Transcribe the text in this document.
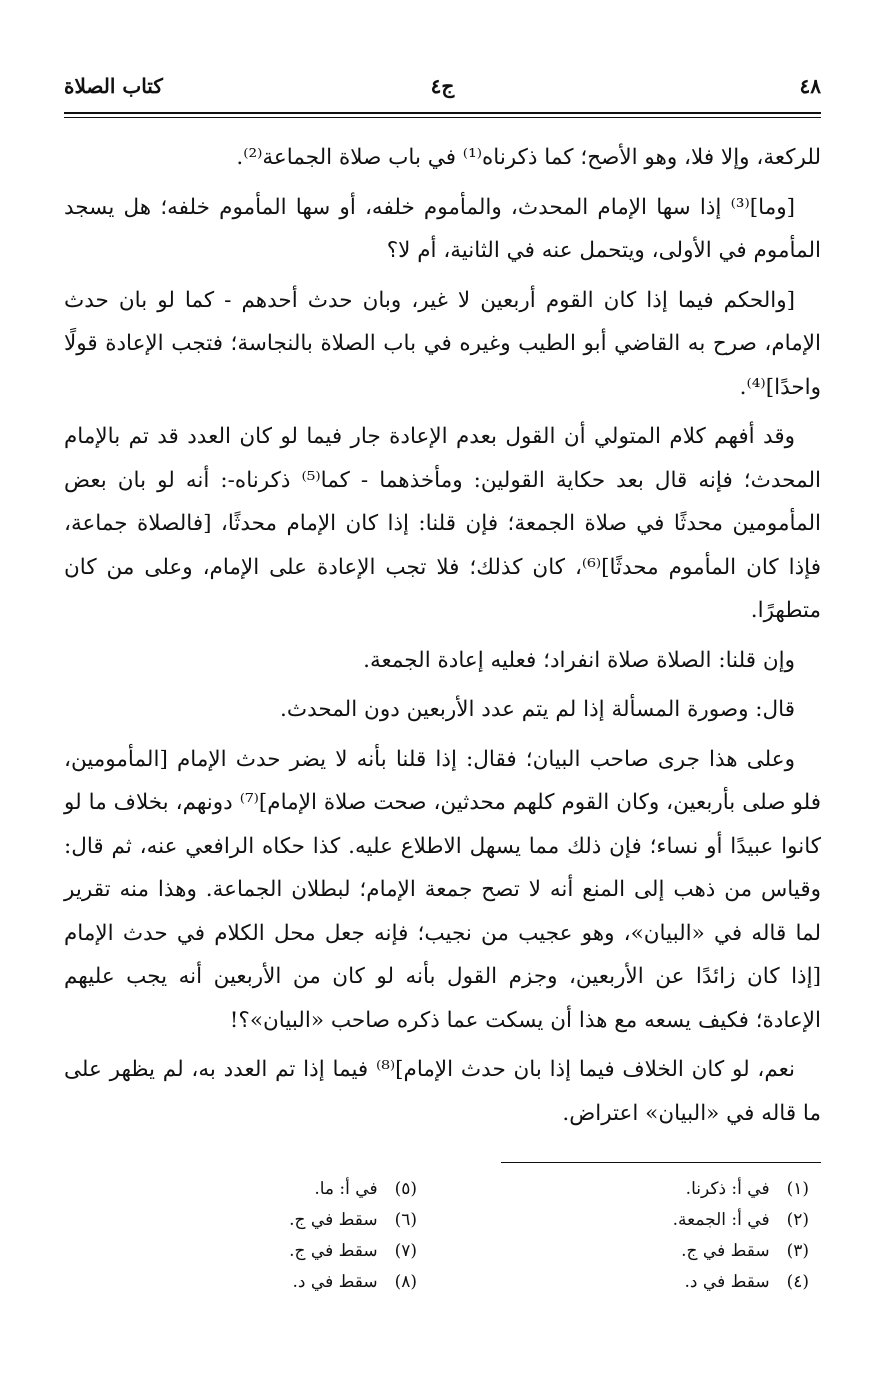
٤٨
ج٤
كتاب الصلاة

للركعة، وإلا فلا، وهو الأصح؛ كما ذكرناه⁽¹⁾ في باب صلاة الجماعة⁽²⁾.

[وما]⁽³⁾ إذا سها الإمام المحدث، والمأموم خلفه، أو سها المأموم خلفه؛ هل يسجد المأموم في الأولى، ويتحمل عنه في الثانية، أم لا؟

[والحكم فيما إذا كان القوم أربعين لا غير، وبان حدث أحدهم - كما لو بان حدث الإمام، صرح به القاضي أبو الطيب وغيره في باب الصلاة بالنجاسة؛ فتجب الإعادة قولًا واحدًا]⁽⁴⁾.

وقد أفهم كلام المتولي أن القول بعدم الإعادة جار فيما لو كان العدد قد تم بالإمام المحدث؛ فإنه قال بعد حكاية القولين: ومأخذهما - كما⁽⁵⁾ ذكرناه-: أنه لو بان بعض المأمومين محدثًا في صلاة الجمعة؛ فإن قلنا: إذا كان الإمام محدثًا، [فالصلاة جماعة، فإذا كان المأموم محدثًا]⁽⁶⁾، كان كذلك؛ فلا تجب الإعادة على الإمام، وعلى من كان متطهرًا.

وإن قلنا: الصلاة صلاة انفراد؛ فعليه إعادة الجمعة.

قال: وصورة المسألة إذا لم يتم عدد الأربعين دون المحدث.

وعلى هذا جرى صاحب البيان؛ فقال: إذا قلنا بأنه لا يضر حدث الإمام [المأمومين، فلو صلى بأربعين، وكان القوم كلهم محدثين، صحت صلاة الإمام]⁽⁷⁾ دونهم، بخلاف ما لو كانوا عبيدًا أو نساء؛ فإن ذلك مما يسهل الاطلاع عليه. كذا حكاه الرافعي عنه، ثم قال: وقياس من ذهب إلى المنع أنه لا تصح جمعة الإمام؛ لبطلان الجماعة. وهذا منه تقرير لما قاله في «البيان»، وهو عجيب من نجيب؛ فإنه جعل محل الكلام في حدث الإمام [إذا كان زائدًا عن الأربعين، وجزم القول بأنه لو كان من الأربعين أنه يجب عليهم الإعادة؛ فكيف يسعه مع هذا أن يسكت عما ذكره صاحب «البيان»؟!

نعم، لو كان الخلاف فيما إذا بان حدث الإمام]⁽⁸⁾ فيما إذا تم العدد به، لم يظهر على ما قاله في «البيان» اعتراض.

(١) في أ: ذكرنا.
(٢) في أ: الجمعة.
(٣) سقط في ج.
(٤) سقط في د.
(٥) في أ: ما.
(٦) سقط في ج.
(٧) سقط في ج.
(٨) سقط في د.
